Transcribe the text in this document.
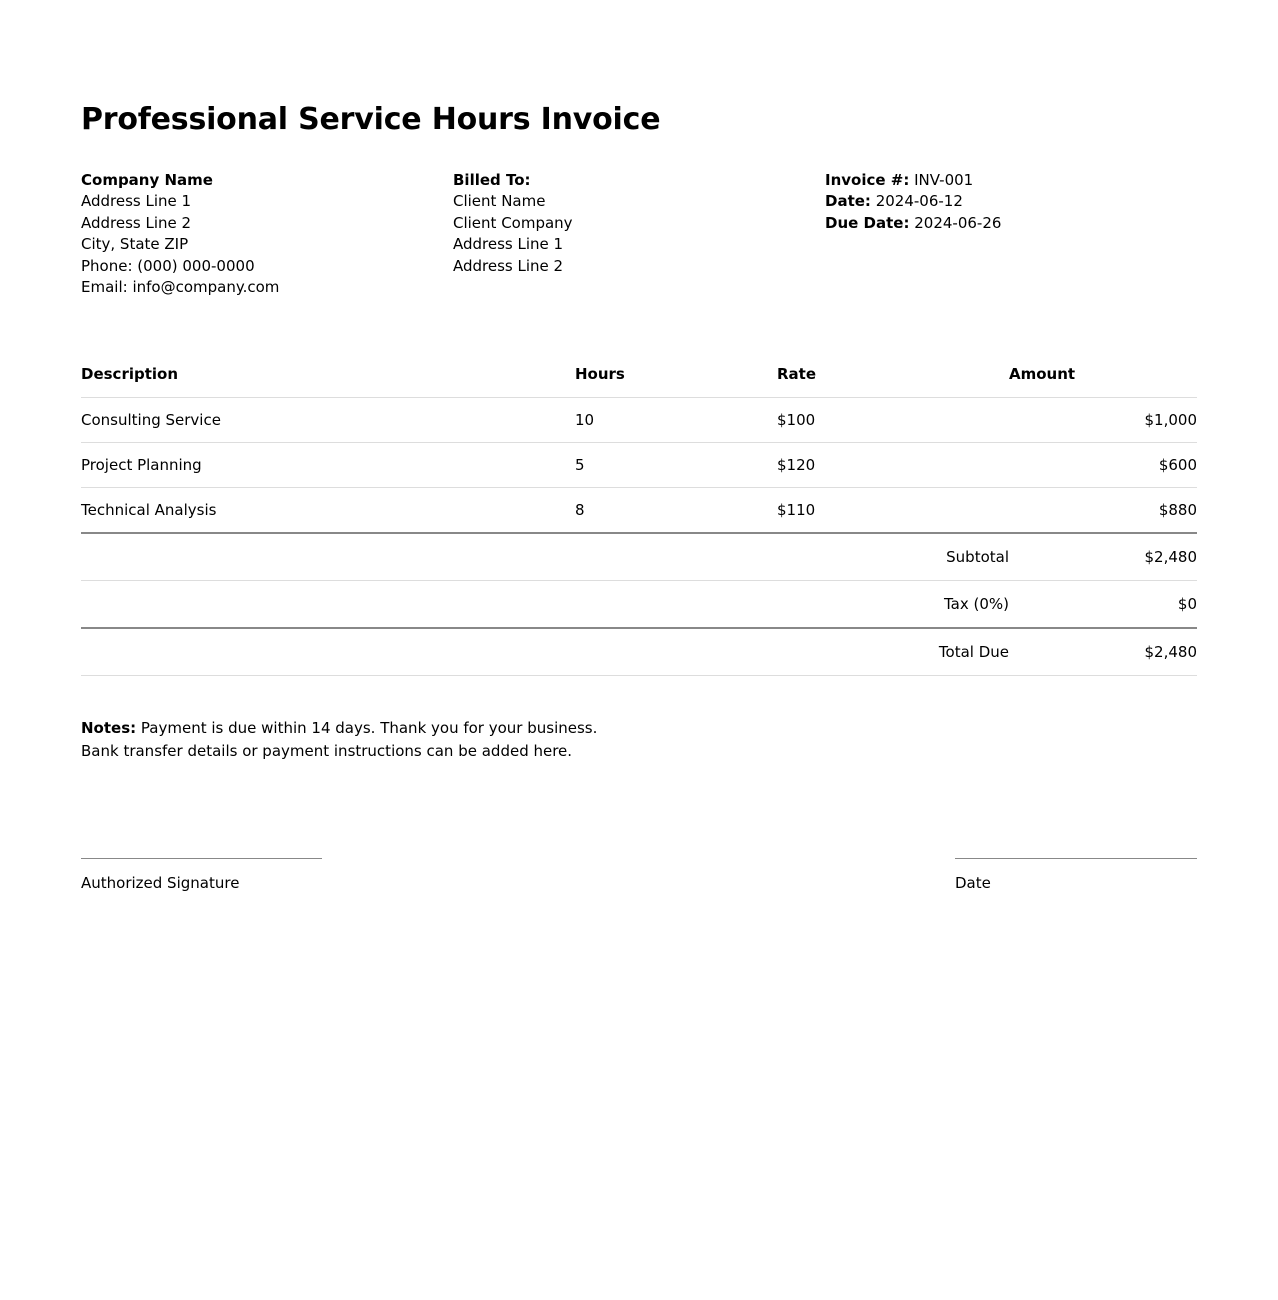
Professional Service Hours Invoice
Company Name
Address Line 1
Address Line 2
City, State ZIP
Phone: (000) 000-0000
Email: info@company.com
Billed To:
Client Name
Client Company
Address Line 1
Address Line 2
Invoice #: INV-001
Date: 2024-06-12
Due Date: 2024-06-26
Description	Hours	Rate	Amount
Consulting Service	10	$100	$1,000
Project Planning	5	$120	$600
Technical Analysis	8	$110	$880
		Subtotal	$2,480
		Tax (0%)	$0
		Total Due	$2,480
Notes: Payment is due within 14 days. Thank you for your business.
Bank transfer details or payment instructions can be added here.
Authorized Signature	Date
